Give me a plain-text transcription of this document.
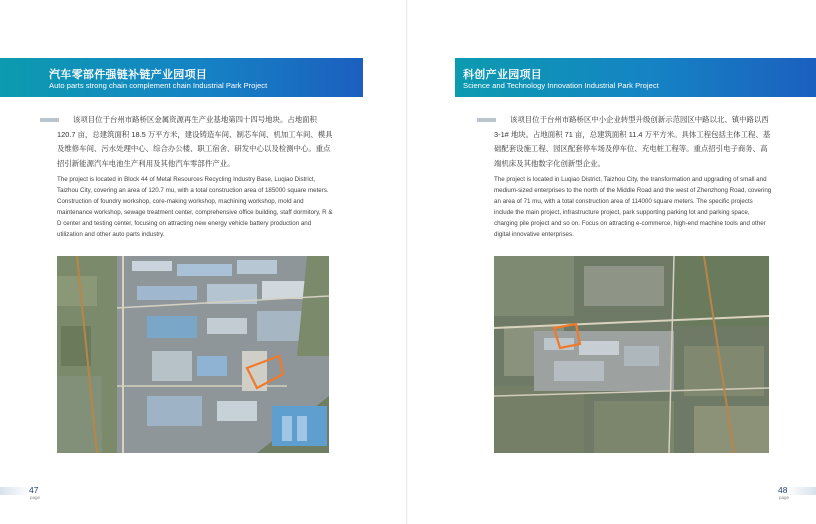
汽车零部件强链补链产业园项目
Auto parts strong chain complement chain Industrial Park Project
该项目位于台州市路桥区金属资源再生产业基地第四十四号地块。占地面积 120.7 亩，总建筑面积 18.5 万平方米，建设铸造车间、制芯车间、机加工车间、模具及维修车间、污水处理中心、综合办公楼、职工宿舍、研发中心以及检测中心。重点招引新能源汽车电池生产利用及其他汽车零部件产业。
The project is located in Block 44 of Metal Resources Recycling Industry Base, Luqiao District, Taizhou City, covering an area of 120.7 mu, with a total construction area of 185000 square meters. Construction of foundry workshop, core-making workshop, machining workshop, mold and maintenance workshop, sewage treatment center, comprehensive office building, staff dormitory, R & D center and testing center, focusing on attracting new energy vehicle battery production and utilization and other auto parts industry.
47
page
科创产业园项目
Science and Technology Innovation Industrial Park Project
该项目位于台州市路桥区中小企业转型升级创新示范园区中路以北、镇中路以西 3-1# 地块。占地面积 71 亩，总建筑面积 11.4 万平方米。具体工程包括主体工程、基础配套设施工程、园区配套停车场及停车位、充电桩工程等。重点招引电子商务、高端机床及其他数字化创新型企业。
The project is located in Luqiao District, Taizhou City, the transformation and upgrading of small and medium-sized enterprises to the north of the Middle Road and the west of Zhenzhong Road, covering an area of 71 mu, with a total construction area of 114000 square meters. The specific projects include the main project, infrastructure project, park supporting parking lot and parking space, charging pile project and so on. Focus on attracting e-commerce, high-end machine tools and other digital innovative enterprises.
48
page
